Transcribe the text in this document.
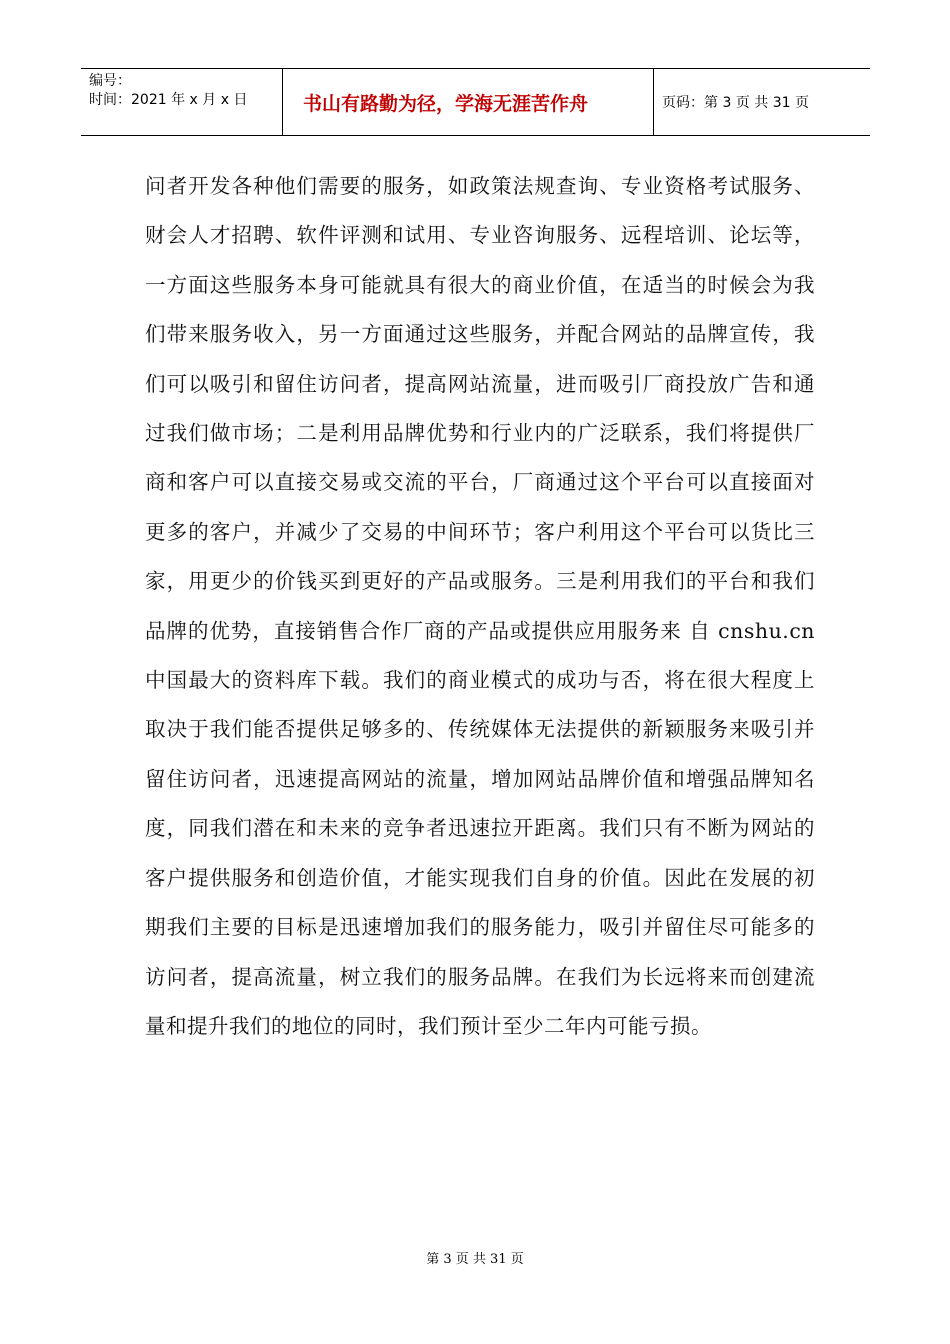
编号：
时间：2021 年 x 月 x 日	书山有路勤为径，学海无涯苦作舟	页码：第 3 页 共 31 页

问者开发各种他们需要的服务，如政策法规查询、专业资格考试服务、财会人才招聘、软件评测和试用、专业咨询服务、远程培训、论坛等，一方面这些服务本身可能就具有很大的商业价值，在适当的时候会为我们带来服务收入，另一方面通过这些服务，并配合网站的品牌宣传，我们可以吸引和留住访问者，提高网站流量，进而吸引厂商投放广告和通过我们做市场；二是利用品牌优势和行业内的广泛联系，我们将提供厂商和客户可以直接交易或交流的平台，厂商通过这个平台可以直接面对更多的客户，并减少了交易的中间环节；客户利用这个平台可以货比三家，用更少的价钱买到更好的产品或服务。三是利用我们的平台和我们品牌的优势，直接销售合作厂商的产品或提供应用服务来 自 cnshu.cn 中国最大的资料库下载。我们的商业模式的成功与否，将在很大程度上取决于我们能否提供足够多的、传统媒体无法提供的新颖服务来吸引并留住访问者，迅速提高网站的流量，增加网站品牌价值和增强品牌知名度，同我们潜在和未来的竞争者迅速拉开距离。我们只有不断为网站的客户提供服务和创造价值，才能实现我们自身的价值。因此在发展的初期我们主要的目标是迅速增加我们的服务能力，吸引并留住尽可能多的访问者，提高流量，树立我们的服务品牌。在我们为长远将来而创建流量和提升我们的地位的同时，我们预计至少二年内可能亏损。

第 3 页 共 31 页
